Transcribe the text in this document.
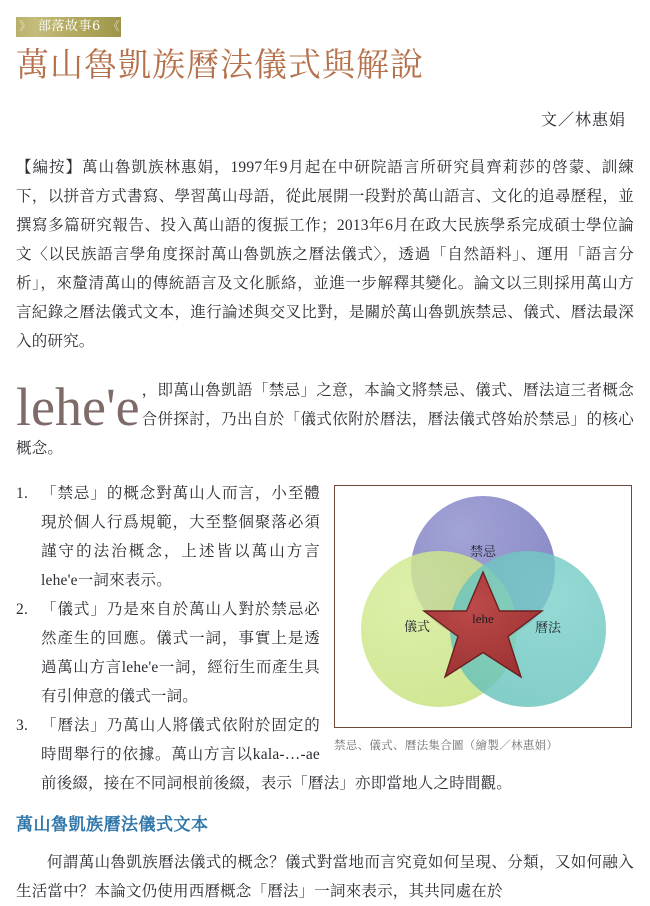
》 部落故事6 《
萬山魯凱族曆法儀式與解說
文／林惠娟

【編按】萬山魯凱族林惠娟，1997年9月起在中研院語言所研究員齊莉莎的啓蒙、訓練下，以拼音方式書寫、學習萬山母語，從此展開一段對於萬山語言、文化的追尋歷程，並撰寫多篇研究報告、投入萬山語的復振工作；2013年6月在政大民族學系完成碩士學位論文〈以民族語言學角度探討萬山魯凱族之曆法儀式〉，透過「自然語料」、運用「語言分析」，來釐清萬山的傳統語言及文化脈絡，並進一步解釋其變化。論文以三則採用萬山方言紀錄之曆法儀式文本，進行論述與交叉比對，是關於萬山魯凱族禁忌、儀式、曆法最深入的研究。

lehe'e ，即萬山魯凱語「禁忌」之意，本論文將禁忌、儀式、曆法這三者概念合併探討，乃出自於「儀式依附於曆法，曆法儀式啓始於禁忌」的核心概念。

禁忌
儀式	曆法
lehe
禁忌、儀式、曆法集合圖（繪製／林惠娟）
1. 「禁忌」的概念對萬山人而言，小至體現於個人行爲規範，大至整個聚落必須謹守的法治概念，上述皆以萬山方言lehe'e一詞來表示。
2. 「儀式」乃是來自於萬山人對於禁忌必然產生的回應。儀式一詞，事實上是透過萬山方言lehe'e一詞，經衍生而產生具有引伸意的儀式一詞。
3. 「曆法」乃萬山人將儀式依附於固定的時間舉行的依據。萬山方言以kala-…-ae前後綴，接在不同詞根前後綴，表示「曆法」亦即當地人之時間觀。
萬山魯凱族曆法儀式文本

何謂萬山魯凱族曆法儀式的概念？儀式對當地而言究竟如何呈現、分類，又如何融入生活當中？本論文仍使用西曆概念「曆法」一詞來表示，其共同處在於
